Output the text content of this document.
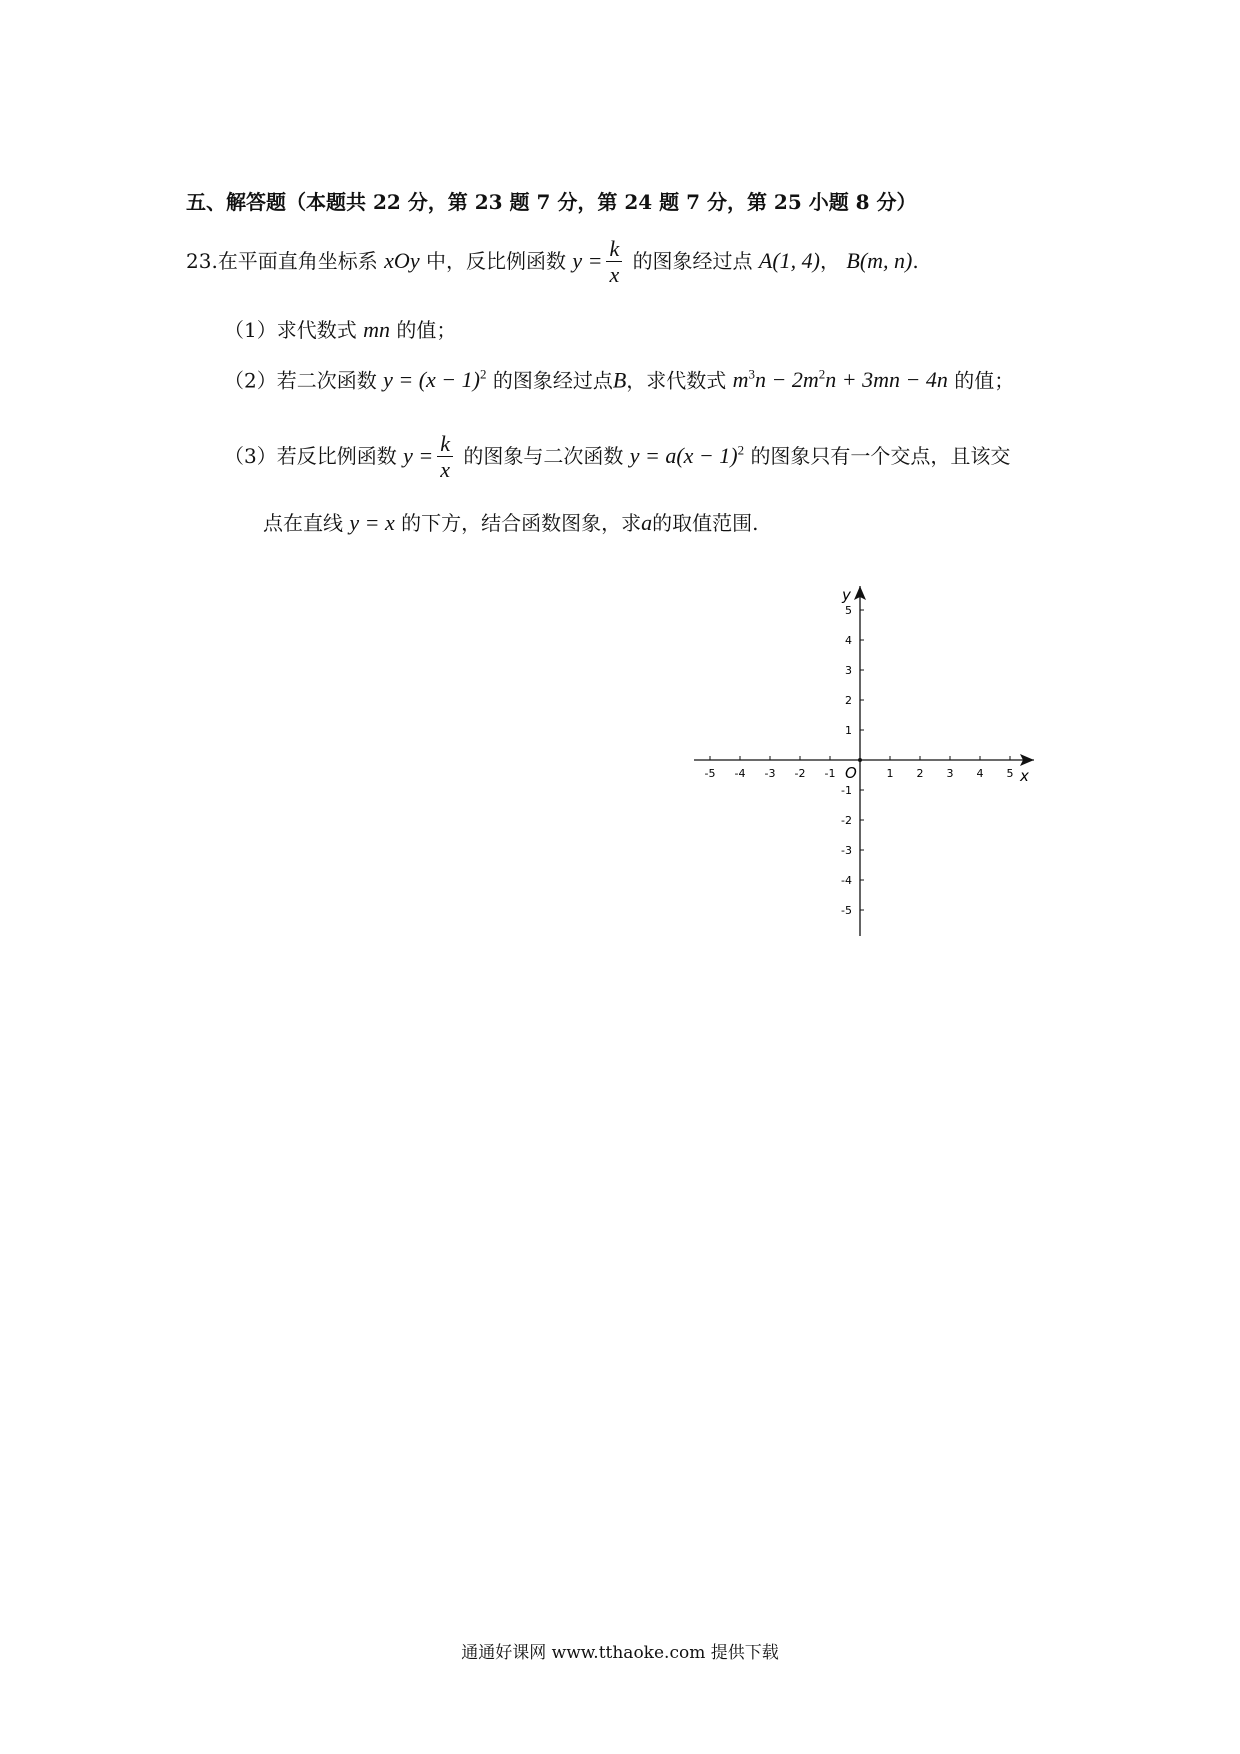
五、解答题（本题共 22 分，第 23 题 7 分，第 24 题 7 分，第 25 小题 8 分）
23.在平面直角坐标系 xOy 中，反比例函数 $y = \frac{k}{x}$ 的图象经过点 A(1, 4)， B(m, n).
（1）求代数式 mn 的值；
（2）若二次函数 $y = (x - 1)^2$ 的图象经过点B，求代数式 $m^3n - 2m^2n + 3mn - 4n$ 的值；
（3）若反比例函数 $y = \frac{k}{x}$ 的图象与二次函数 $y = a(x - 1)^2$ 的图象只有一个交点，且该交
点在直线 y = x 的下方，结合函数图象，求a的取值范围.
-5 -4 -3 -2 -1	1 2 3 4 5
5
4
3
2
1
-1
-2
-3
-4
-5
x
y
O
通通好课网 www.tthaoke.com 提供下载
